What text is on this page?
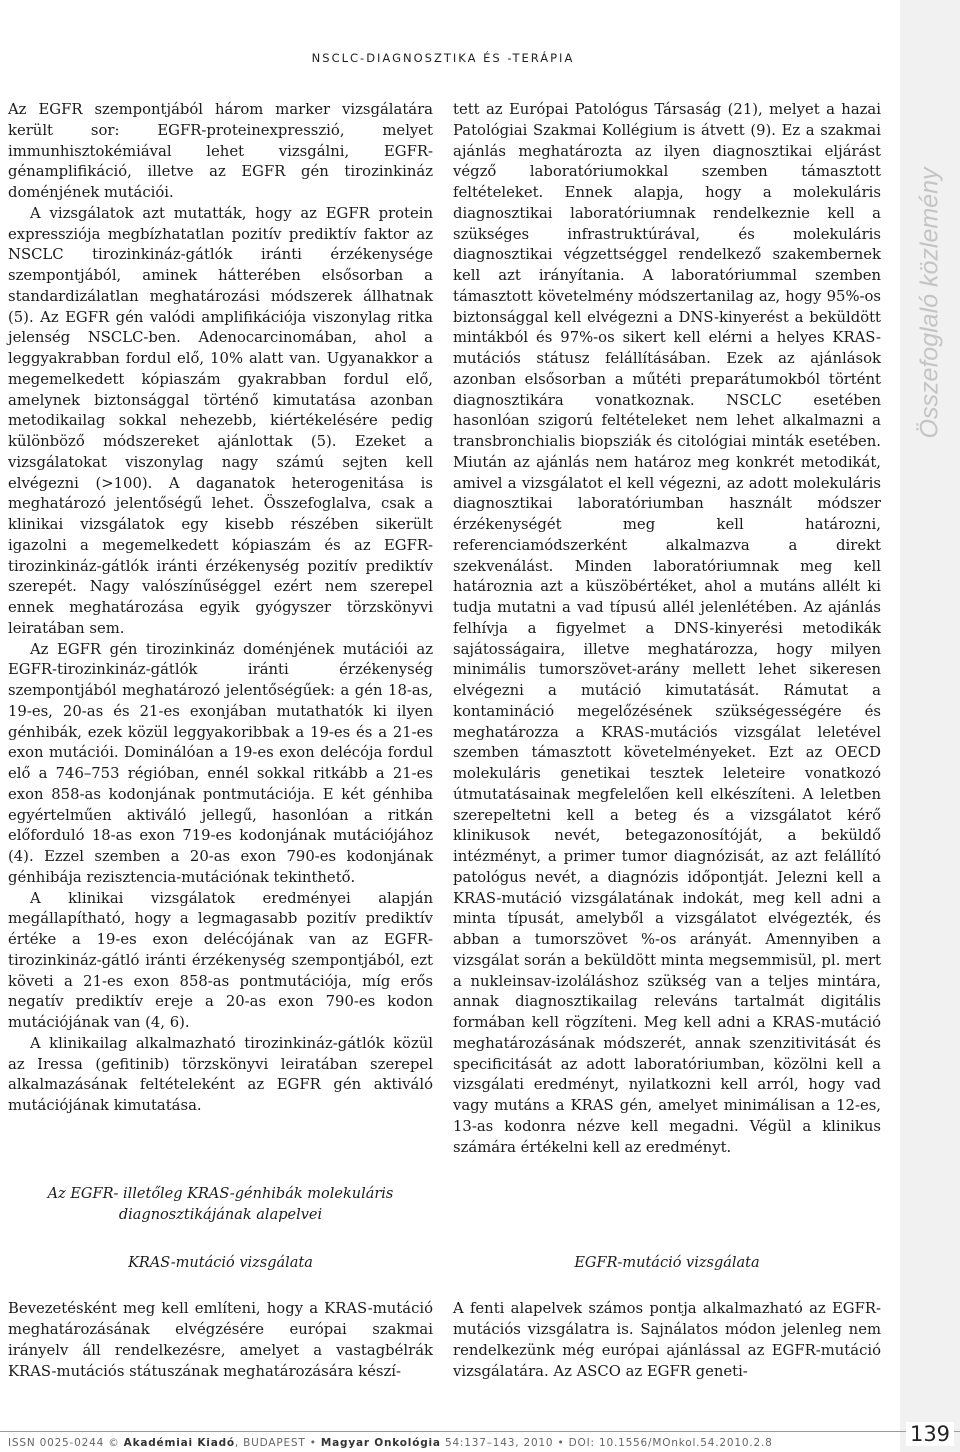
NSCLC-DIAGNOSZTIKA ÉS -TERÁPIA

Az EGFR szempontjából három marker vizsgálatára került sor: EGFR-proteinexpresszió, melyet immunhisztokémiával lehet vizsgálni, EGFR-génamplifikáció, illetve az EGFR gén tirozinkináz doménjének mutációi.

A vizsgálatok azt mutatták, hogy az EGFR protein expressziója megbízhatatlan pozitív prediktív faktor az NSCLC tirozinkináz-gátlók iránti érzékenysége szempontjából, aminek hátterében elsősorban a standardizálatlan meghatározási módszerek állhatnak (5). Az EGFR gén valódi amplifikációja viszonylag ritka jelenség NSCLC-ben. Adenocarcinomában, ahol a leggyakrabban fordul elő, 10% alatt van. Ugyanakkor a megemelkedett kópiaszám gyakrabban fordul elő, amelynek biztonsággal történő kimutatása azonban metodikailag sokkal nehezebb, kiértékelésére pedig különböző módszereket ajánlottak (5). Ezeket a vizsgálatokat viszonylag nagy számú sejten kell elvégezni (>100). A daganatok heterogenitása is meghatározó jelentőségű lehet. Összefoglalva, csak a klinikai vizsgálatok egy kisebb részében sikerült igazolni a megemelkedett kópiaszám és az EGFR-tirozinkináz-gátlók iránti érzékenység pozitív prediktív szerepét. Nagy valószínűséggel ezért nem szerepel ennek meghatározása egyik gyógyszer törzskönyvi leiratában sem.

Az EGFR gén tirozinkináz doménjének mutációi az EGFR-tirozinkináz-gátlók iránti érzékenység szempontjából meghatározó jelentőségűek: a gén 18-as, 19-es, 20-as és 21-es exonjában mutathatók ki ilyen génhibák, ezek közül leggyakoribbak a 19-es és a 21-es exon mutációi. Dominálóan a 19-es exon delécója fordul elő a 746–753 régióban, ennél sokkal ritkább a 21-es exon 858-as kodonjának pontmutációja. E két génhiba egyértelműen aktiváló jellegű, hasonlóan a ritkán előforduló 18-as exon 719-es kodonjának mutációjához (4). Ezzel szemben a 20-as exon 790-es kodonjának génhibája rezisztencia-mutációnak tekinthető.

A klinikai vizsgálatok eredményei alapján megállapítható, hogy a legmagasabb pozitív prediktív értéke a 19-es exon delécójának van az EGFR-tirozinkináz-gátló iránti érzékenység szempontjából, ezt követi a 21-es exon 858-as pontmutációja, míg erős negatív prediktív ereje a 20-as exon 790-es kodon mutációjának van (4, 6).

A klinikailag alkalmazható tirozinkináz-gátlók közül az Iressa (gefitinib) törzskönyvi leiratában szerepel alkalmazásának feltételeként az EGFR gén aktiváló mutációjának kimutatása.

tett az Európai Patológus Társaság (21), melyet a hazai Patológiai Szakmai Kollégium is átvett (9). Ez a szakmai ajánlás meghatározta az ilyen diagnosztikai eljárást végző laboratóriumokkal szemben támasztott feltételeket. Ennek alapja, hogy a molekuláris diagnosztikai laboratóriumnak rendelkeznie kell a szükséges infrastruktúrával, és molekuláris diagnosztikai végzettséggel rendelkező szakembernek kell azt irányítania. A laboratóriummal szemben támasztott követelmény módszertanilag az, hogy 95%-os biztonsággal kell elvégezni a DNS-kinyerést a beküldött mintákból és 97%-os sikert kell elérni a helyes KRAS-mutációs státusz felállításában. Ezek az ajánlások azonban elsősorban a műtéti preparátumokból történt diagnosztikára vonatkoznak. NSCLC esetében hasonlóan szigorú feltételeket nem lehet alkalmazni a transbronchialis biopsziák és citológiai minták esetében. Miután az ajánlás nem határoz meg konkrét metodikát, amivel a vizsgálatot el kell végezni, az adott molekuláris diagnosztikai laboratóriumban használt módszer érzékenységét meg kell határozni, referenciamódszerként alkalmazva a direkt szekvenálást. Minden laboratóriumnak meg kell határoznia azt a küszöbértéket, ahol a mutáns allélt ki tudja mutatni a vad típusú allél jelenlétében. Az ajánlás felhívja a figyelmet a DNS-kinyerési metodikák sajátosságaira, illetve meghatározza, hogy milyen minimális tumorszövet-arány mellett lehet sikeresen elvégezni a mutáció kimutatását. Rámutat a kontamináció megelőzésének szükségességére és meghatározza a KRAS-mutációs vizsgálat leletével szemben támasztott követelményeket. Ezt az OECD molekuláris genetikai tesztek leleteire vonatkozó útmutatásainak megfelelően kell elkészíteni. A leletben szerepeltetni kell a beteg és a vizsgálatot kérő klinikusok nevét, betegazonosítóját, a beküldő intézményt, a primer tumor diagnózisát, az azt felállító patológus nevét, a diagnózis időpontját. Jelezni kell a KRAS-mutáció vizsgálatának indokát, meg kell adni a minta típusát, amelyből a vizsgálatot elvégezték, és abban a tumorszövet %-os arányát. Amennyiben a vizsgálat során a beküldött minta megsemmisül, pl. mert a nukleinsav-izoláláshoz szükség van a teljes mintára, annak diagnosztikailag releváns tartalmát digitális formában kell rögzíteni. Meg kell adni a KRAS-mutáció meghatározásának módszerét, annak szenzitivitását és specificitását az adott laboratóriumban, közölni kell a vizsgálati eredményt, nyilatkozni kell arról, hogy vad vagy mutáns a KRAS gén, amelyet minimálisan a 12-es, 13-as kodonra nézve kell megadni. Végül a klinikus számára értékelni kell az eredményt.

Az EGFR- illetőleg KRAS-génhibák molekuláris
diagnosztikájának alapelvei
KRAS-mutáció vizsgálata	EGFR-mutáció vizsgálata
Bevezetésként meg kell említeni, hogy a KRAS-mutáció meghatározásának elvégzésére európai szakmai irányelv áll rendelkezésre, amelyet a vastagbélrák KRAS-mutációs státuszának meghatározására készí-
A fenti alapelvek számos pontja alkalmazható az EGFR-mutációs vizsgálatra is. Sajnálatos módon jelenleg nem rendelkezünk még európai ajánlással az EGFR-mutáció vizsgálatára. Az ASCO az EGFR geneti-
Összefoglaló közlemény
ISSN 0025-0244 © Akadémiai Kiadó, BUDAPEST • Magyar Onkológia 54:137–143, 2010 • DOI: 10.1556/MOnkol.54.2010.2.8	139
